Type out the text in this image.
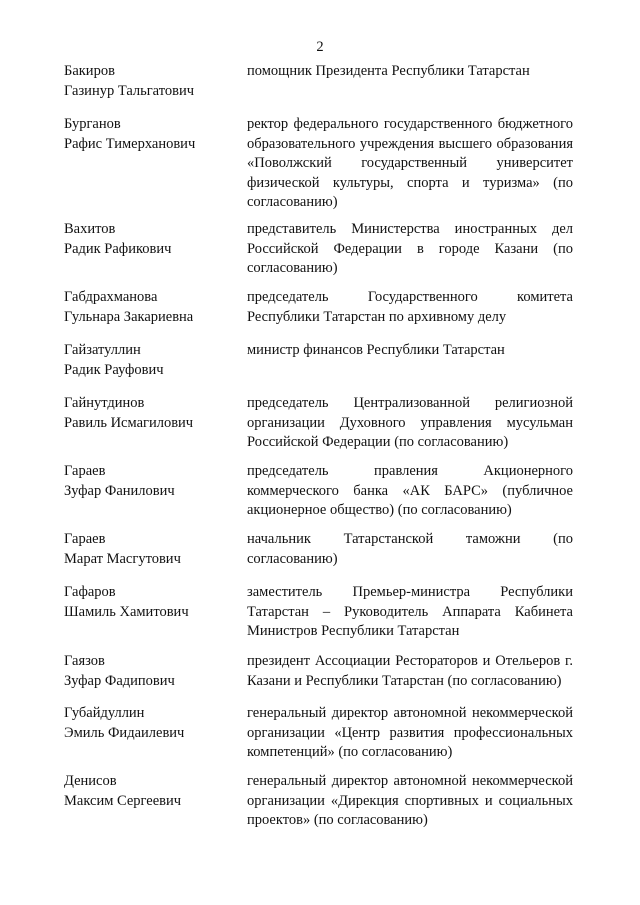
2
Бакиров
Газинур Тальгатович
помощник Президента Республики Татарстан
Бурганов
Рафис Тимерханович
ректор федерального государственного бюджетного образовательного учреждения высшего образования «Поволжский государственный университет физической культуры, спорта и туризма» (по согласованию)
Вахитов
Радик Рафикович
представитель Министерства иностранных дел Российской Федерации в городе Казани (по согласованию)
Габдрахманова
Гульнара Закариевна
председатель Государственного комитета Республики Татарстан по архивному делу
Гайзатуллин
Радик Рауфович
министр финансов Республики Татарстан
Гайнутдинов
Равиль Исмагилович
председатель Централизованной религиозной организации Духовного управления мусульман Российской Федерации (по согласованию)
Гараев
Зуфар Фанилович
председатель правления Акционерного коммерческого банка «АК БАРС» (публичное акционерное общество) (по согласованию)
Гараев
Марат Масгутович
начальник Татарстанской таможни (по согласованию)
Гафаров
Шамиль Хамитович
заместитель Премьер-министра Республики Татарстан – Руководитель Аппарата Кабинета Министров Республики Татарстан
Гаязов
Зуфар Фадипович
президент Ассоциации Рестораторов и Отельеров г. Казани и Республики Татарстан (по согласованию)
Губайдуллин
Эмиль Фидаилевич
генеральный директор автономной некоммерческой организации «Центр развития профессиональных компетенций» (по согласованию)
Денисов
Максим Сергеевич
генеральный директор автономной некоммерческой организации «Дирекция спортивных и социальных проектов» (по согласованию)
